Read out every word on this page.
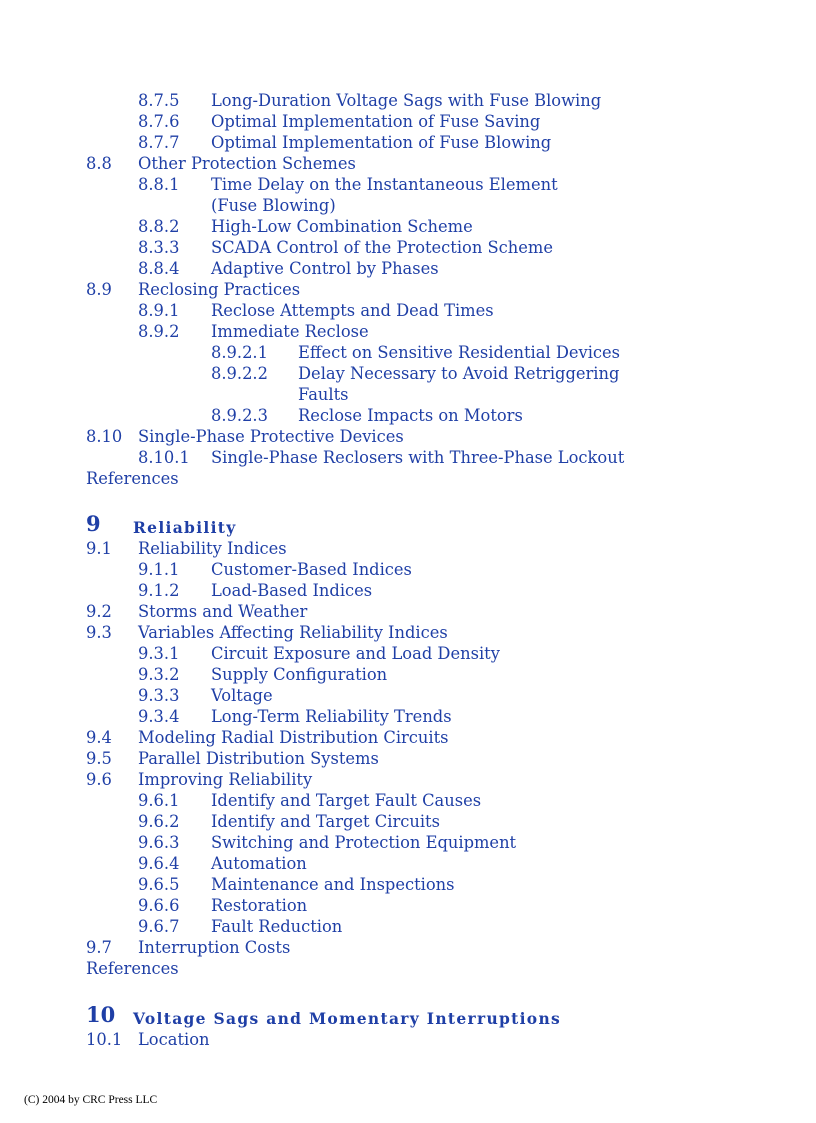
8.7.5 Long-Duration Voltage Sags with Fuse Blowing
8.7.6 Optimal Implementation of Fuse Saving
8.7.7 Optimal Implementation of Fuse Blowing
8.8 Other Protection Schemes
8.8.1 Time Delay on the Instantaneous Element
(Fuse Blowing)
8.8.2 High-Low Combination Scheme
8.3.3 SCADA Control of the Protection Scheme
8.8.4 Adaptive Control by Phases
8.9 Reclosing Practices
8.9.1 Reclose Attempts and Dead Times
8.9.2 Immediate Reclose
8.9.2.1 Effect on Sensitive Residential Devices
8.9.2.2 Delay Necessary to Avoid Retriggering
Faults
8.9.2.3 Reclose Impacts on Motors
8.10 Single-Phase Protective Devices
8.10.1 Single-Phase Reclosers with Three-Phase Lockout
References
9 Reliability
9.1 Reliability Indices
9.1.1 Customer-Based Indices
9.1.2 Load-Based Indices
9.2 Storms and Weather
9.3 Variables Affecting Reliability Indices
9.3.1 Circuit Exposure and Load Density
9.3.2 Supply Configuration
9.3.3 Voltage
9.3.4 Long-Term Reliability Trends
9.4 Modeling Radial Distribution Circuits
9.5 Parallel Distribution Systems
9.6 Improving Reliability
9.6.1 Identify and Target Fault Causes
9.6.2 Identify and Target Circuits
9.6.3 Switching and Protection Equipment
9.6.4 Automation
9.6.5 Maintenance and Inspections
9.6.6 Restoration
9.6.7 Fault Reduction
9.7 Interruption Costs
References
10 Voltage Sags and Momentary Interruptions
10.1 Location
(C) 2004 by CRC Press LLC
